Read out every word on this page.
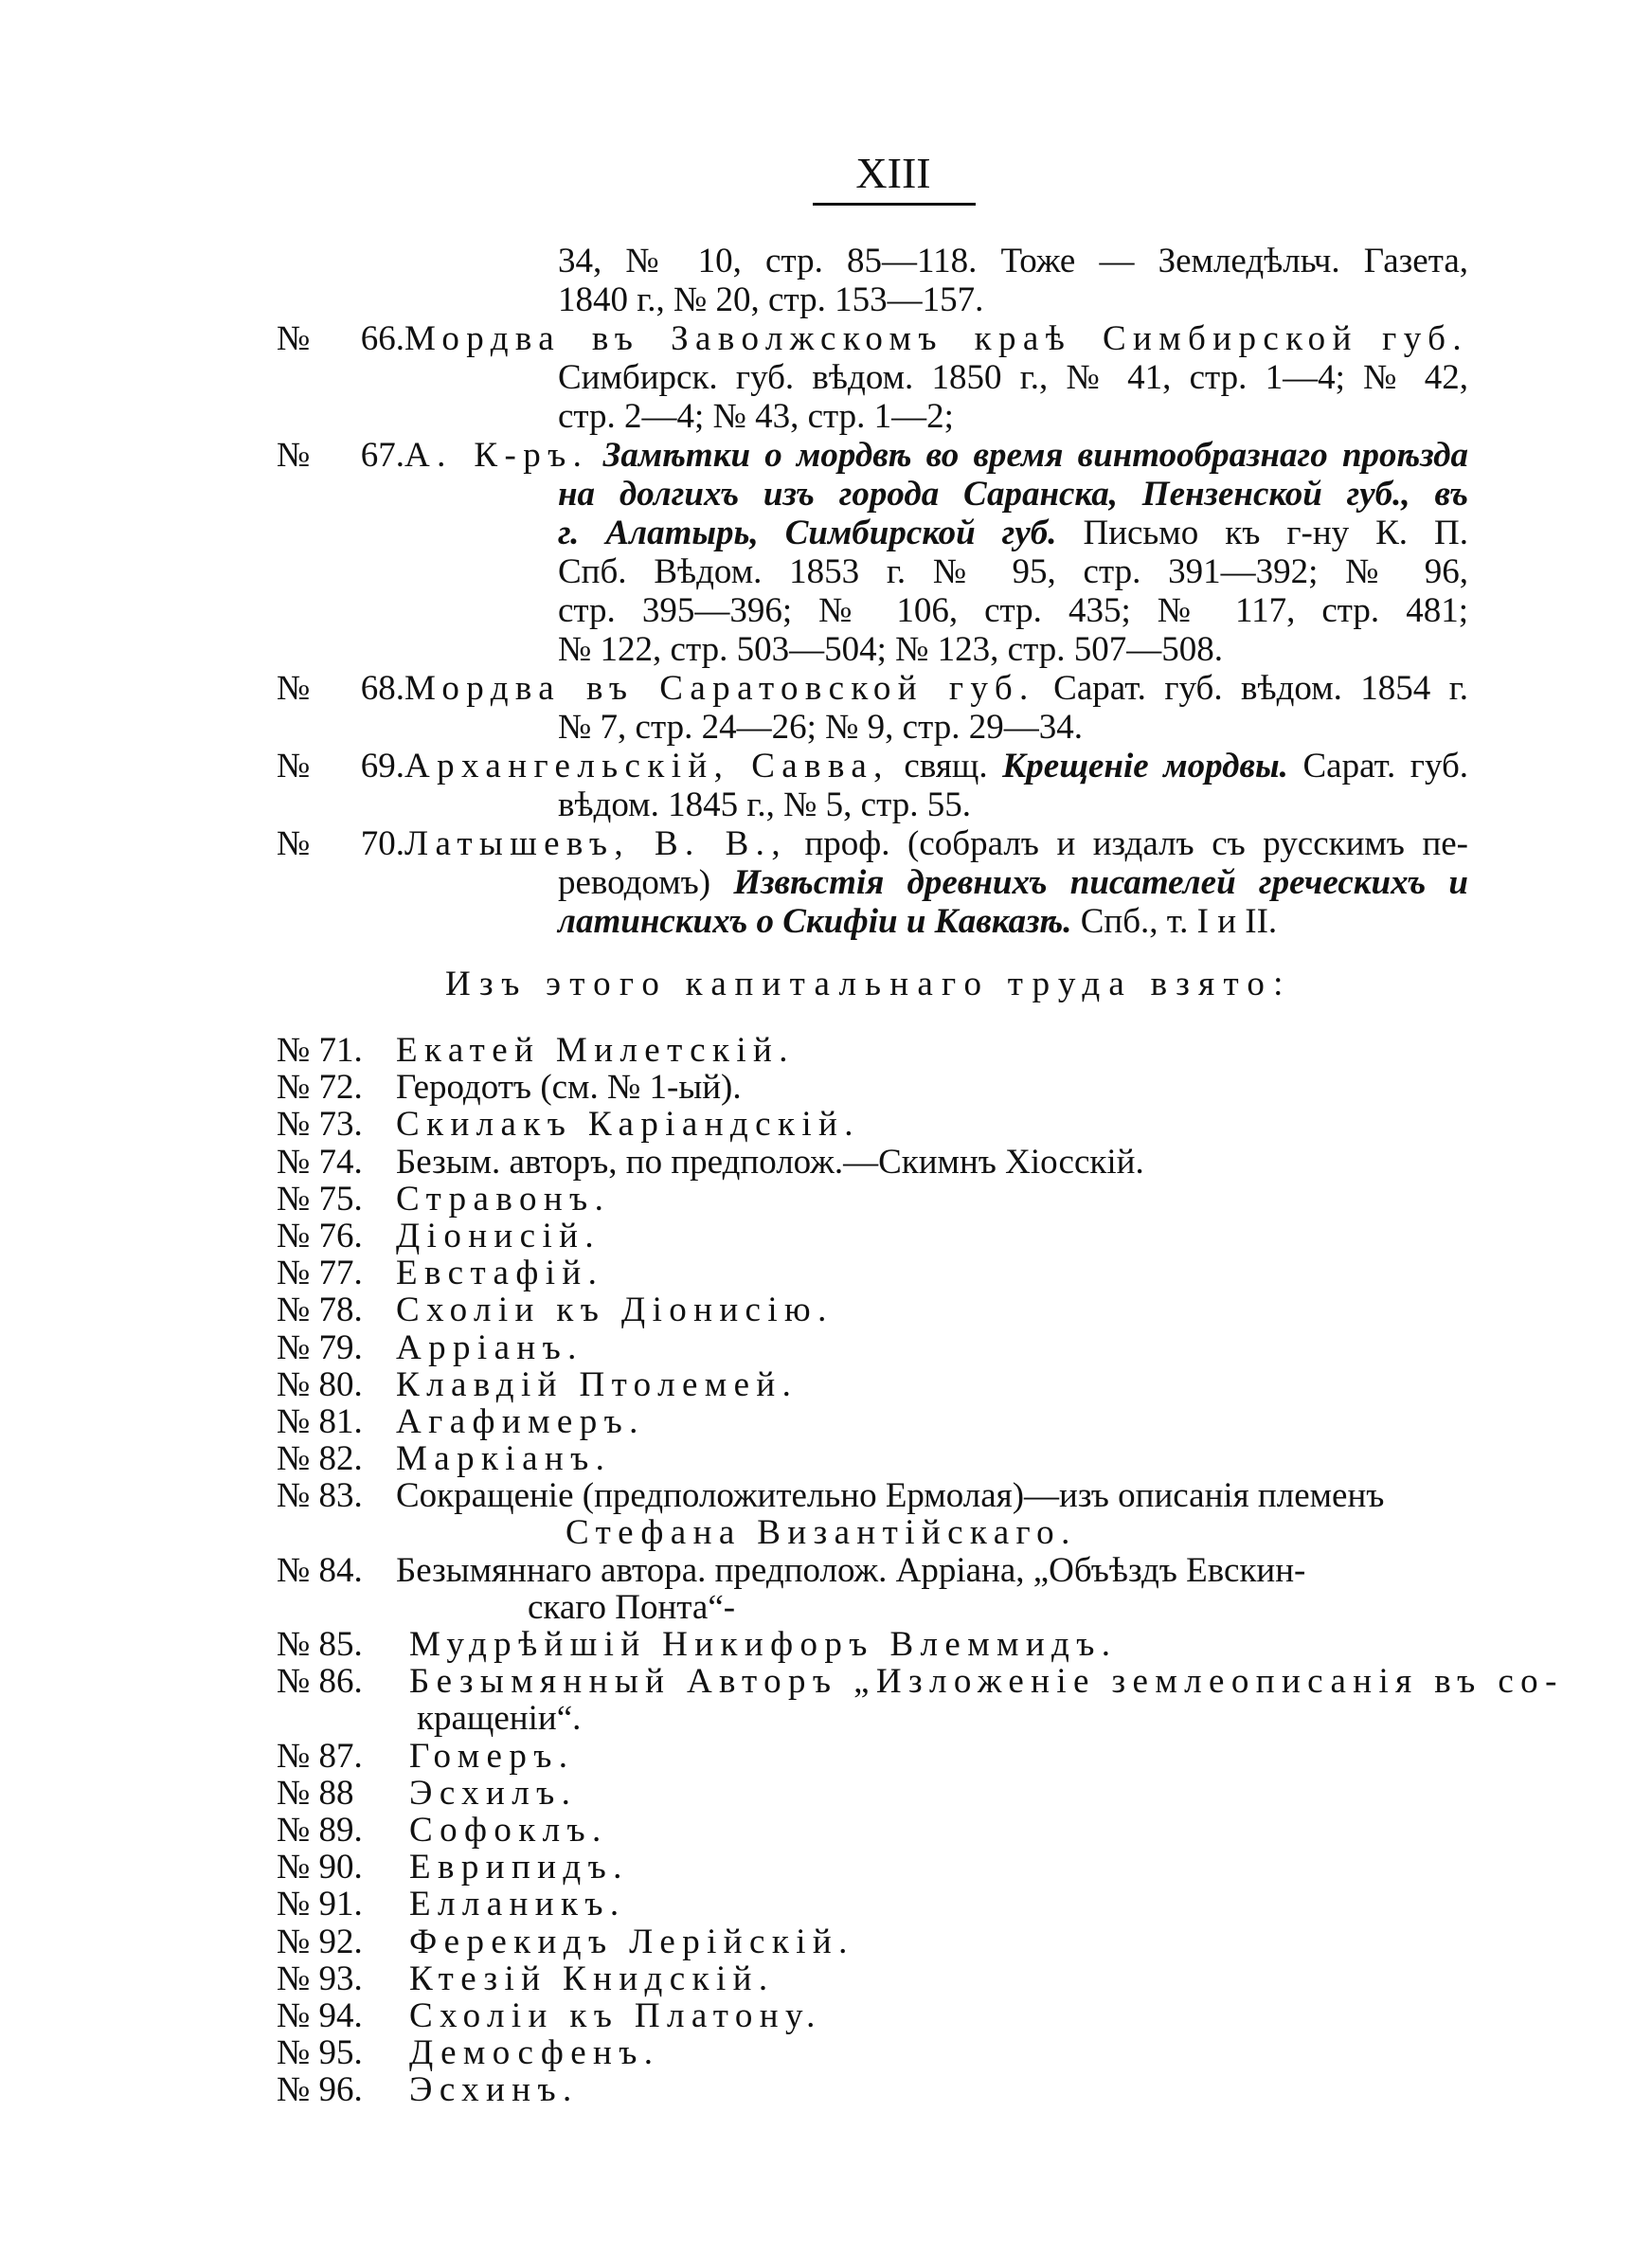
XIII
34, № 10, стр. 85—118. Тоже — Земледѣльч. Газета,
1840 г., № 20, стр. 153—157.
№ 66.Мордва въ Заволжскомъ краѣ Симбирской губ.
Симбирск. губ. вѣдом. 1850 г., № 41, стр. 1—4; № 42,
стр. 2—4; № 43, стр. 1—2;
№ 67.А. К-ръ. Замѣтки о мордвѣ во время винтообразнаго проѣзда
на долгихъ изъ города Саранска, Пензенской губ., въ
г. Алатырь, Симбирской губ. Письмо къ г-ну К. П.
Спб. Вѣдом. 1853 г. № 95, стр. 391—392; № 96,
стр. 395—396; № 106, стр. 435; № 117, стр. 481;
№ 122, стр. 503—504; № 123, стр. 507—508.
№ 68.Мордва въ Саратовской губ. Сарат. губ. вѣдом. 1854 г.
№ 7, стр. 24—26; № 9, стр. 29—34.
№ 69.Архангельскій, Савва, свящ. Крещеніе мордвы. Сарат. губ.
вѣдом. 1845 г., № 5, стр. 55.
№ 70.Латышевъ, В. В., проф. (собралъ и издалъ съ русскимъ пе-
реводомъ) Извѣстія древнихъ писателей греческихъ и
латинскихъ о Скифіи и Кавказѣ. Спб., т. I и II.
Изъ этого капитальнаго труда взято:
№ 71. Екатей Милетскій.
№ 72. Геродотъ (см. № 1-ый).
№ 73. Скилакъ Каріандскій.
№ 74. Безым. авторъ, по предполож.—Скимнъ Хіосскій.
№ 75. Стравонъ.
№ 76. Діонисій.
№ 77. Евстафій.
№ 78. Схоліи къ Діонисію.
№ 79. Арріанъ.
№ 80. Клавдій Птолемей.
№ 81. Агафимеръ.
№ 82. Маркіанъ.
№ 83. Сокращеніе (предположительно Ермолая)—изъ описанія племенъ
Стефана Византійскаго.
№ 84. Безымяннаго автора. предполож. Арріана, „Объѣздъ Евскин-
скаго Понта“-
№ 85. Мудрѣйшій Никифоръ Влеммидъ.
№ 86. Безымянный Авторъ „Изложеніе землеописанія въ со-
кращеніи“.
№ 87. Гомеръ.
№ 88 Эсхилъ.
№ 89. Софоклъ.
№ 90. Еврипидъ.
№ 91. Елланикъ.
№ 92. Ферекидъ Лерійскій.
№ 93. Ктезій Книдскій.
№ 94. Схоліи къ Платону.
№ 95. Демосфенъ.
№ 96. Эсхинъ.
